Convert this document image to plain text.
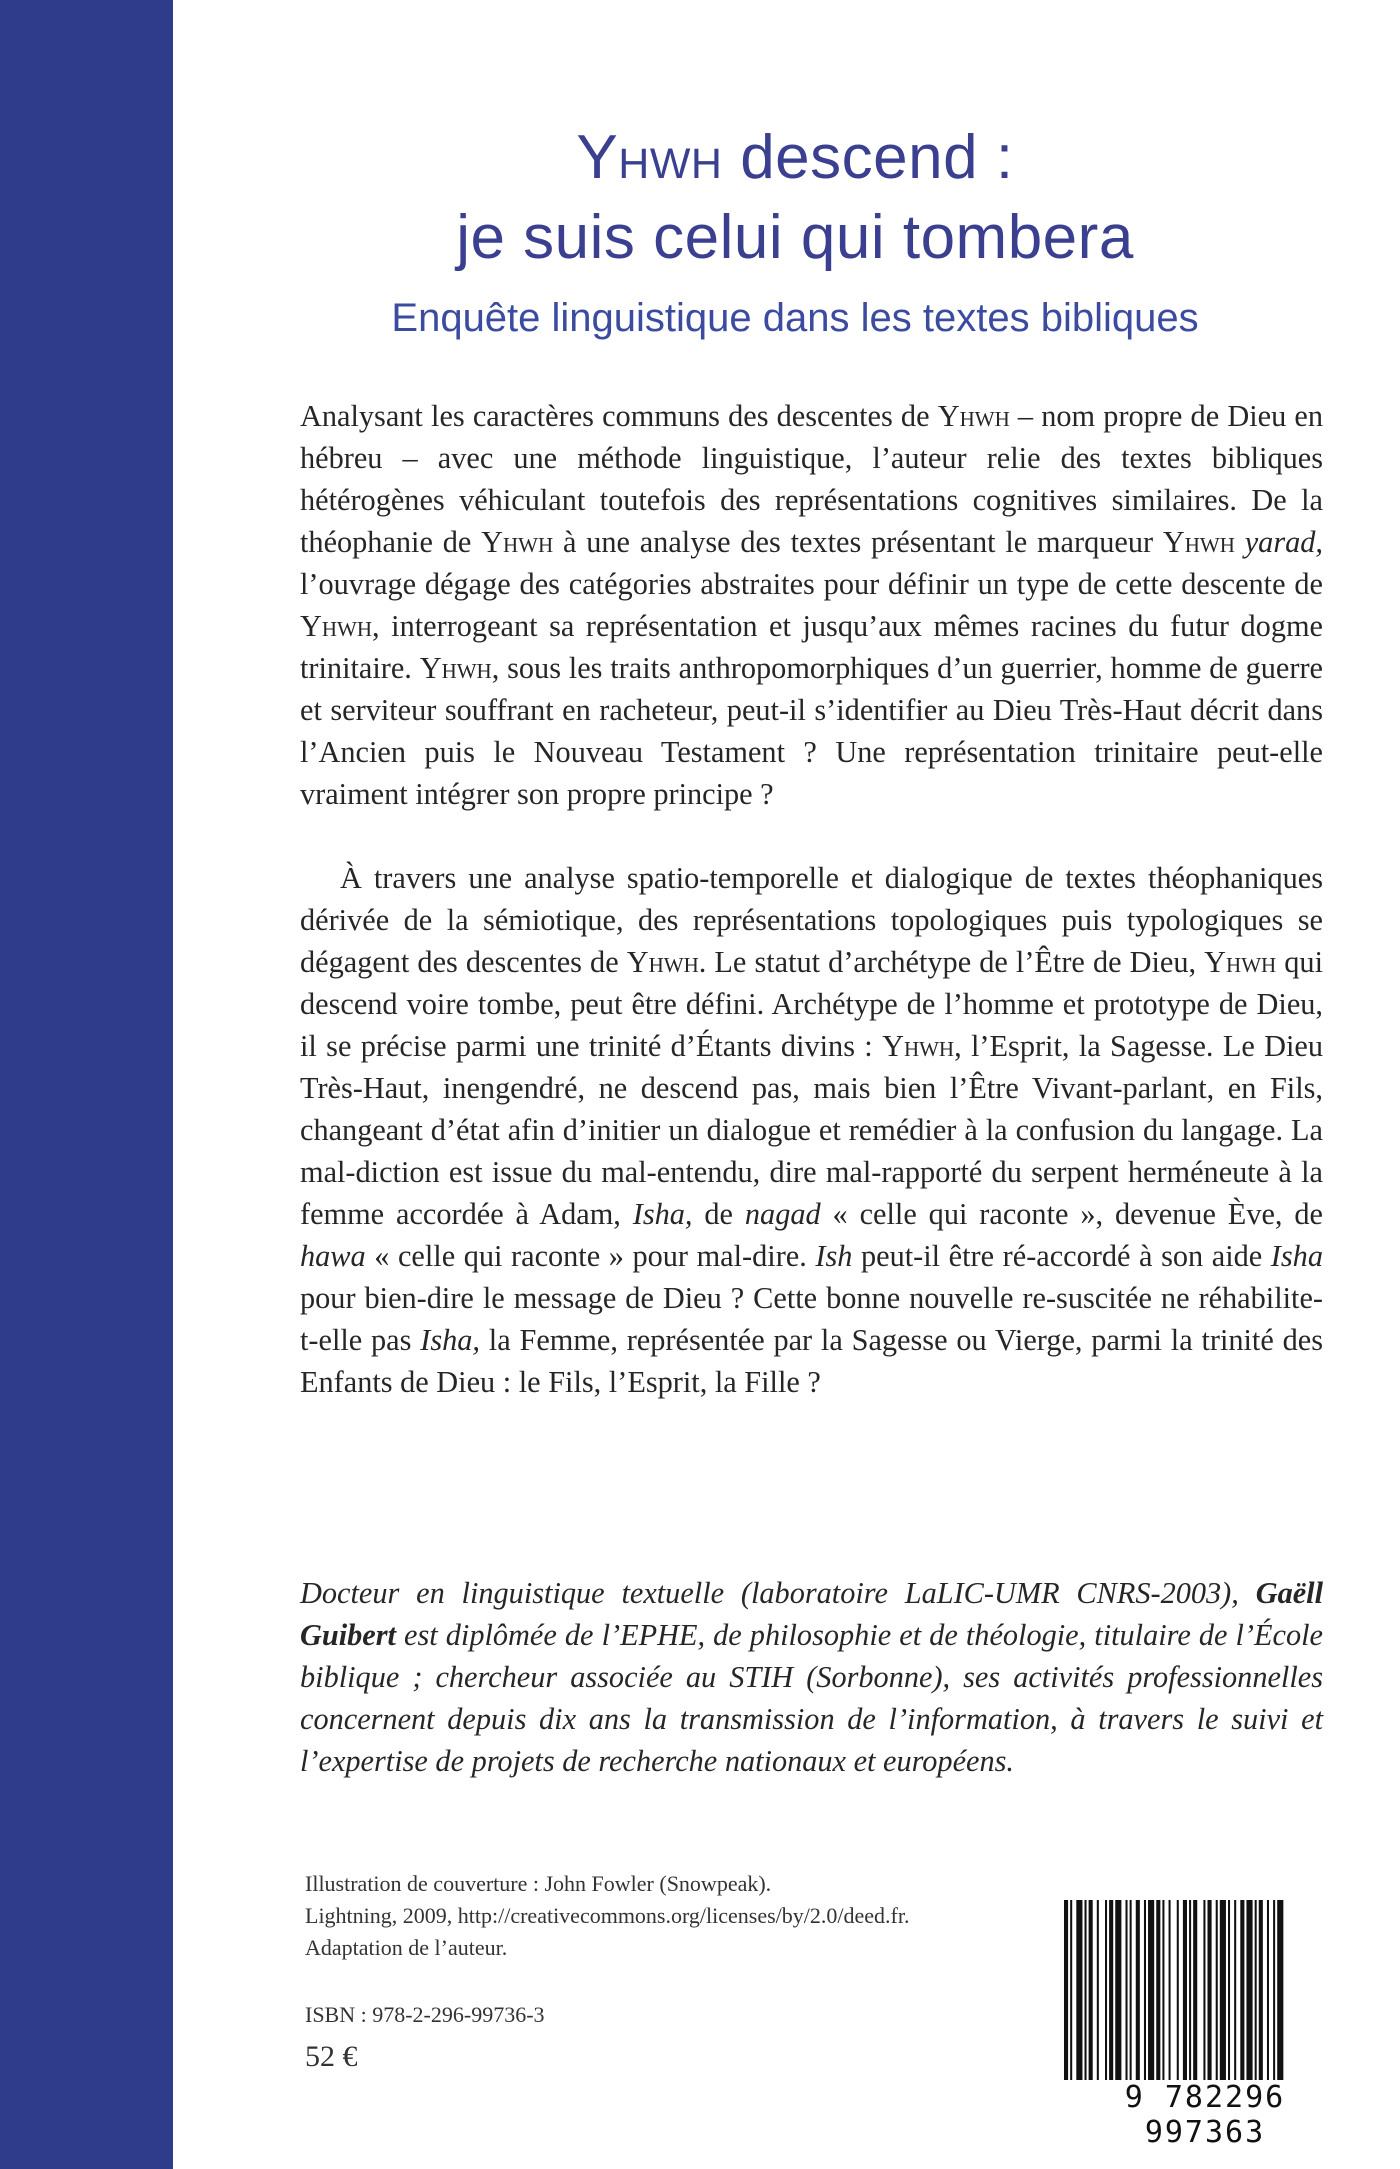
Yhwh descend :
je suis celui qui tombera
Enquête linguistique dans les textes bibliques

Analysant les caractères communs des descentes de Yhwh – nom propre de Dieu en hébreu – avec une méthode linguistique, l’auteur relie des textes bibliques hétérogènes véhiculant toutefois des représentations cognitives similaires. De la théophanie de Yhwh à une analyse des textes présentant le marqueur Yhwh yarad, l’ouvrage dégage des catégories abstraites pour définir un type de cette descente de Yhwh, interrogeant sa représentation et jusqu’aux mêmes racines du futur dogme trinitaire. Yhwh, sous les traits anthropomorphiques d’un guerrier, homme de guerre et serviteur souffrant en racheteur, peut-il s’identifier au Dieu Très-Haut décrit dans l’Ancien puis le Nouveau Testament ? Une représentation trinitaire peut-elle vraiment intégrer son propre principe ?

À travers une analyse spatio-temporelle et dialogique de textes théophaniques dérivée de la sémiotique, des représentations topologiques puis typologiques se dégagent des descentes de Yhwh. Le statut d’archétype de l’Être de Dieu, Yhwh qui descend voire tombe, peut être défini. Archétype de l’homme et prototype de Dieu, il se précise parmi une trinité d’Étants divins : Yhwh, l’Esprit, la Sagesse. Le Dieu Très-Haut, inengendré, ne descend pas, mais bien l’Être Vivant-parlant, en Fils, changeant d’état afin d’initier un dialogue et remédier à la confusion du langage. La mal-diction est issue du mal-entendu, dire mal-rapporté du serpent herméneute à la femme accordée à Adam, Isha, de nagad « celle qui raconte », devenue Ève, de hawa « celle qui raconte » pour mal-dire. Ish peut-il être ré-accordé à son aide Isha pour bien-dire le message de Dieu ? Cette bonne nouvelle re-suscitée ne réhabilite-t-elle pas Isha, la Femme, représentée par la Sagesse ou Vierge, parmi la trinité des Enfants de Dieu : le Fils, l’Esprit, la Fille ?

Docteur en linguistique textuelle (laboratoire LaLIC-UMR CNRS-2003), Gaëll Guibert est diplômée de l’EPHE, de philosophie et de théologie, titulaire de l’École biblique ; chercheur associée au STIH (Sorbonne), ses activités professionnelles concernent depuis dix ans la transmission de l’information, à travers le suivi et l’expertise de projets de recherche nationaux et européens.
Illustration de couverture : John Fowler (Snowpeak).
Lightning, 2009, http://creativecommons.org/licenses/by/2.0/deed.fr.
Adaptation de l’auteur.
ISBN : 978-2-296-99736-3
52 €
9 782296 997363
